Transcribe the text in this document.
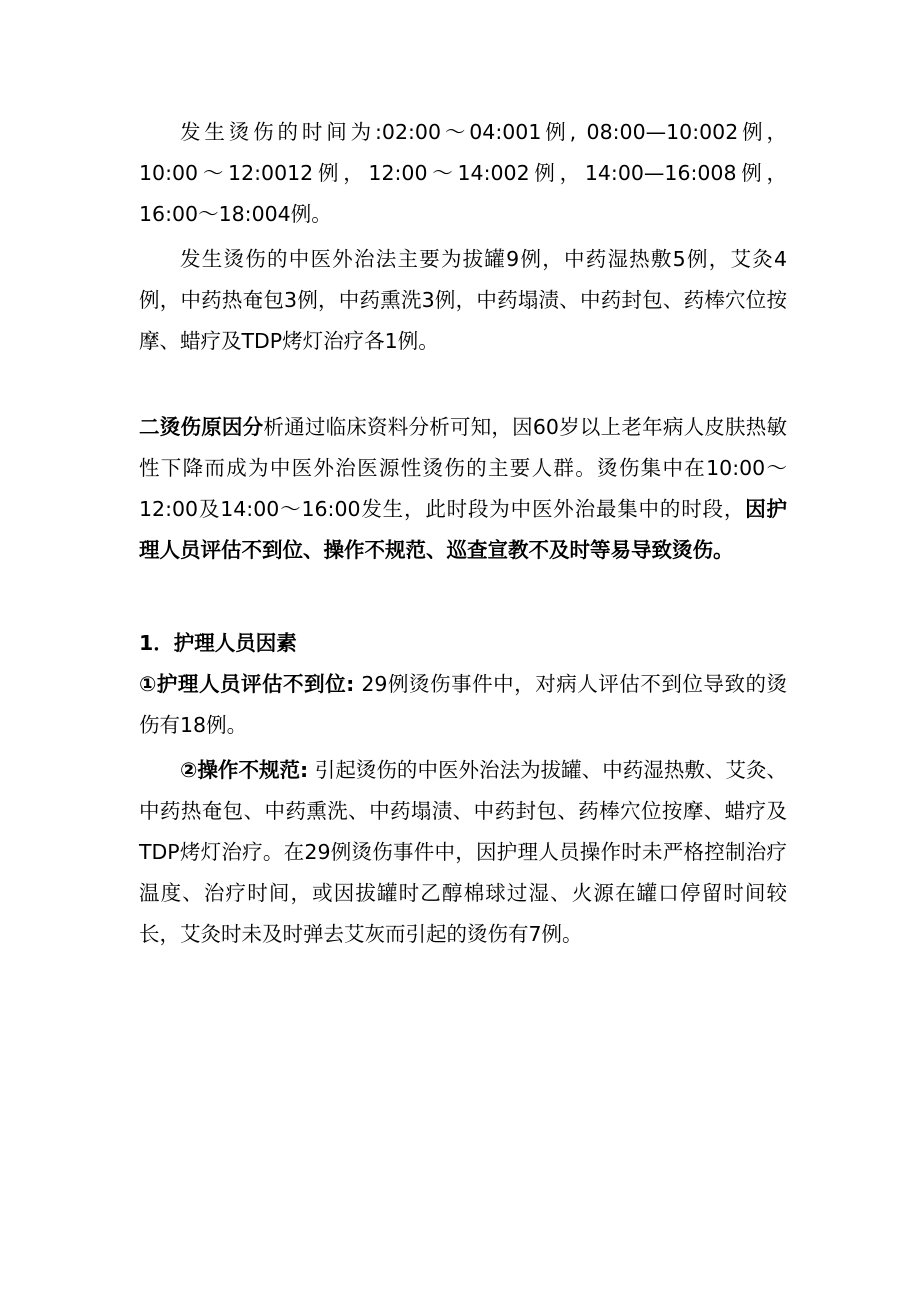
发生烫伤的时间为:02:00～04:001例, 08:00—10:002例，10:00～12:0012例，12:00～14:002例，14:00—16:008例，16:00～18:004例。

发生烫伤的中医外治法主要为拔罐9例，中药湿热敷5例，艾灸4例，中药热奄包3例，中药熏洗3例，中药塌渍、中药封包、药棒穴位按摩、蜡疗及TDP烤灯治疗各1例。

二烫伤原因分析通过临床资料分析可知，因60岁以上老年病人皮肤热敏性下降而成为中医外治医源性烫伤的主要人群。烫伤集中在10:00～12:00及14:00～16:00发生，此时段为中医外治最集中的时段，因护理人员评估不到位、操作不规范、巡查宣教不及时等易导致烫伤。

1．护理人员因素

①护理人员评估不到位: 29例烫伤事件中，对病人评估不到位导致的烫伤有18例。

②操作不规范: 引起烫伤的中医外治法为拔罐、中药湿热敷、艾灸、中药热奄包、中药熏洗、中药塌渍、中药封包、药棒穴位按摩、蜡疗及TDP烤灯治疗。在29例烫伤事件中，因护理人员操作时未严格控制治疗温度、治疗时间，或因拔罐时乙醇棉球过湿、火源在罐口停留时间较长，艾灸时未及时弹去艾灰而引起的烫伤有7例。
